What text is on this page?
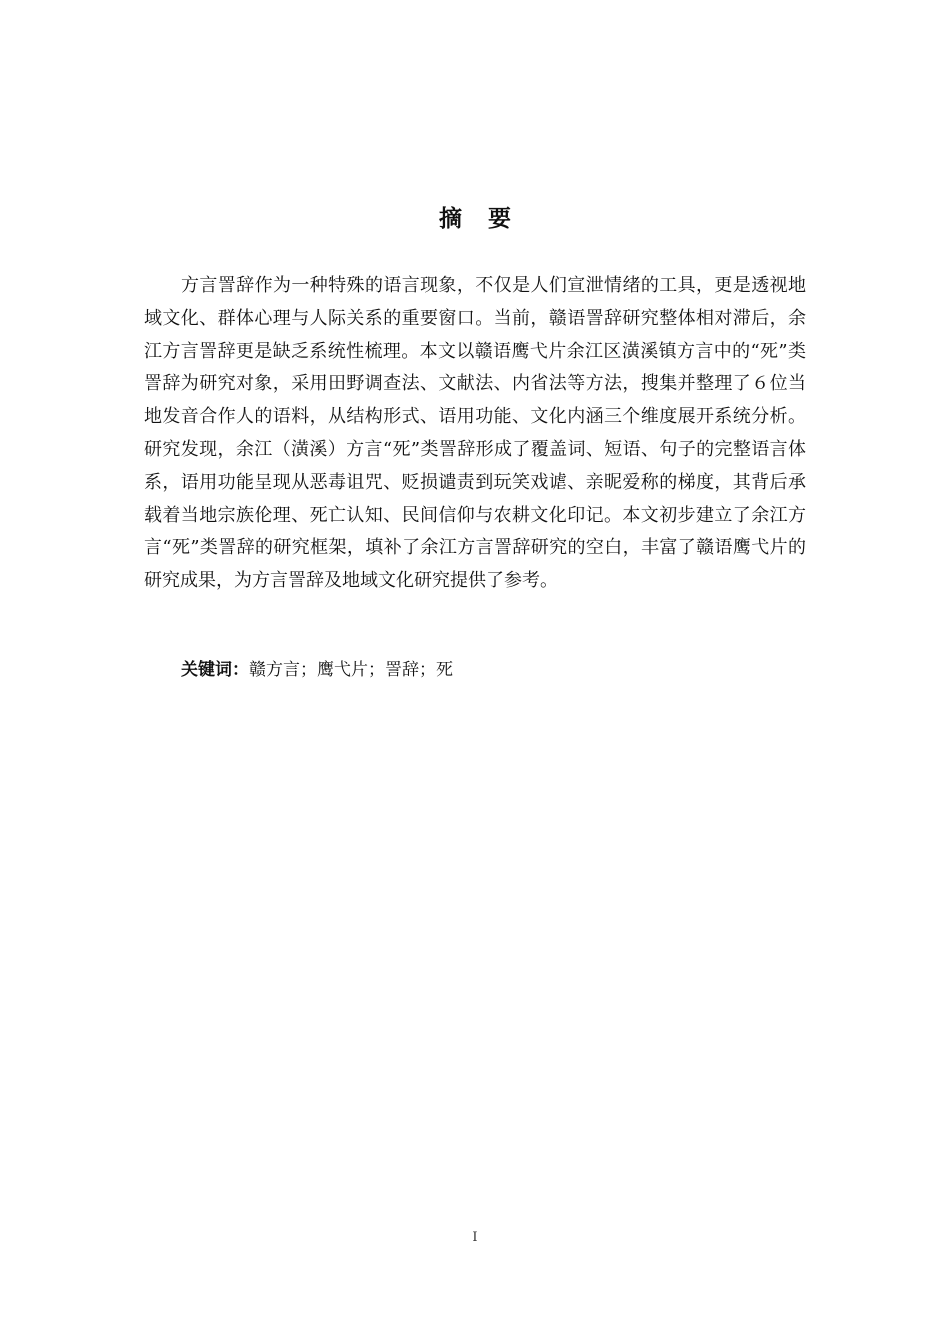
摘 要

方言詈辞作为一种特殊的语言现象，不仅是人们宣泄情绪的工具，更是透视地域文化、群体心理与人际关系的重要窗口。当前，赣语詈辞研究整体相对滞后，余江方言詈辞更是缺乏系统性梳理。本文以赣语鹰弋片余江区潢溪镇方言中的“死”类詈辞为研究对象，采用田野调查法、文献法、内省法等方法，搜集并整理了６位当地发音合作人的语料，从结构形式、语用功能、文化内涵三个维度展开系统分析。研究发现，余江（潢溪）方言“死”类詈辞形成了覆盖词、短语、句子的完整语言体系，语用功能呈现从恶毒诅咒、贬损谴责到玩笑戏谑、亲昵爱称的梯度，其背后承载着当地宗族伦理、死亡认知、民间信仰与农耕文化印记。本文初步建立了余江方言“死”类詈辞的研究框架，填补了余江方言詈辞研究的空白，丰富了赣语鹰弋片的研究成果，为方言詈辞及地域文化研究提供了参考。

关键词：赣方言；鹰弋片；詈辞；死

I
